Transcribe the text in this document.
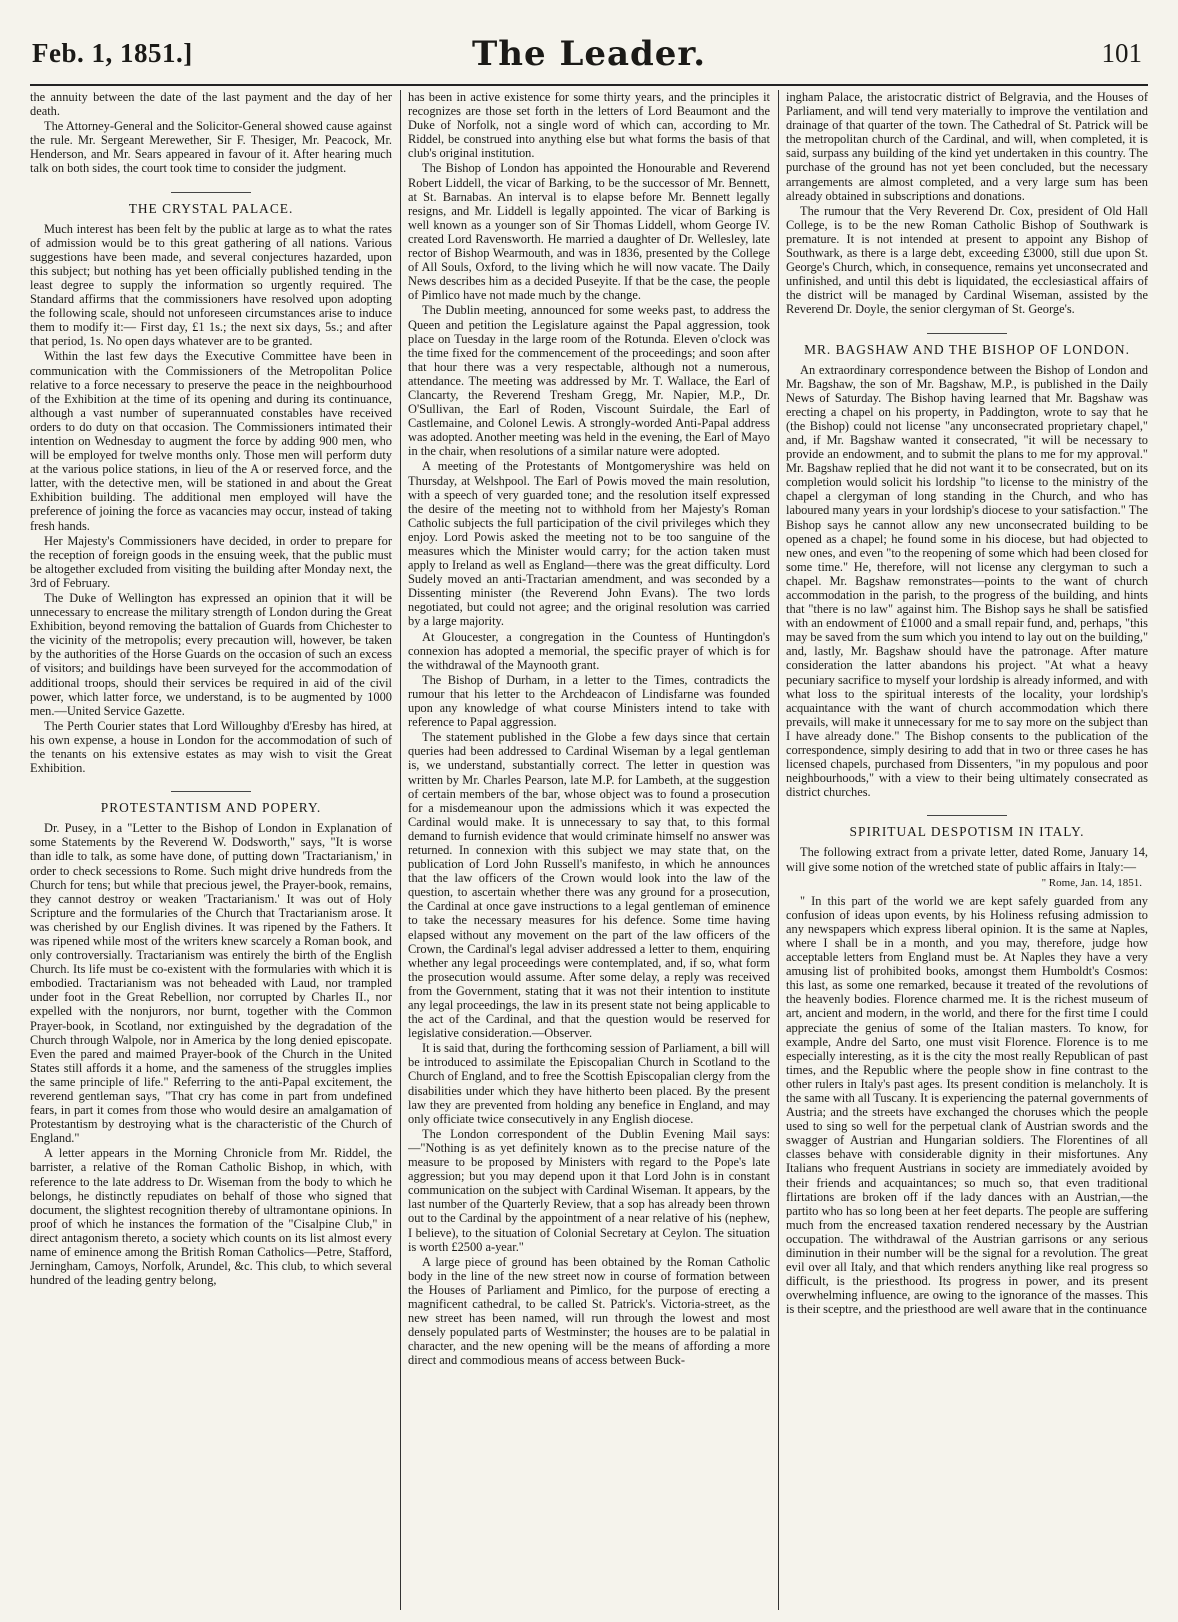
Feb. 1, 1851.]	The Leader.	101

the annuity between the date of the last payment and the day of her death.

The Attorney-General and the Solicitor-General showed cause against the rule. Mr. Sergeant Merewether, Sir F. Thesiger, Mr. Peacock, Mr. Henderson, and Mr. Sears appeared in favour of it. After hearing much talk on both sides, the court took time to consider the judgment.

THE CRYSTAL PALACE.

Much interest has been felt by the public at large as to what the rates of admission would be to this great gathering of all nations. Various suggestions have been made, and several conjectures hazarded, upon this subject; but nothing has yet been officially published tending in the least degree to supply the information so urgently required. The Standard affirms that the commissioners have resolved upon adopting the following scale, should not unforeseen circumstances arise to induce them to modify it:— First day, £1 1s.; the next six days, 5s.; and after that period, 1s. No open days whatever are to be granted.

Within the last few days the Executive Committee have been in communication with the Commissioners of the Metropolitan Police relative to a force necessary to preserve the peace in the neighbourhood of the Exhibition at the time of its opening and during its continuance, although a vast number of superannuated constables have received orders to do duty on that occasion. The Commissioners intimated their intention on Wednesday to augment the force by adding 900 men, who will be employed for twelve months only. Those men will perform duty at the various police stations, in lieu of the A or reserved force, and the latter, with the detective men, will be stationed in and about the Great Exhibition building. The additional men employed will have the preference of joining the force as vacancies may occur, instead of taking fresh hands.

Her Majesty's Commissioners have decided, in order to prepare for the reception of foreign goods in the ensuing week, that the public must be altogether excluded from visiting the building after Monday next, the 3rd of February.

The Duke of Wellington has expressed an opinion that it will be unnecessary to encrease the military strength of London during the Great Exhibition, beyond removing the battalion of Guards from Chichester to the vicinity of the metropolis; every precaution will, however, be taken by the authorities of the Horse Guards on the occasion of such an excess of visitors; and buildings have been surveyed for the accommodation of additional troops, should their services be required in aid of the civil power, which latter force, we understand, is to be augmented by 1000 men.—United Service Gazette.

The Perth Courier states that Lord Willoughby d'Eresby has hired, at his own expense, a house in London for the accommodation of such of the tenants on his extensive estates as may wish to visit the Great Exhibition.

PROTESTANTISM AND POPERY.

Dr. Pusey, in a "Letter to the Bishop of London in Explanation of some Statements by the Reverend W. Dodsworth," says, "It is worse than idle to talk, as some have done, of putting down 'Tractarianism,' in order to check secessions to Rome. Such might drive hundreds from the Church for tens; but while that precious jewel, the Prayer-book, remains, they cannot destroy or weaken 'Tractarianism.' It was out of Holy Scripture and the formularies of the Church that Tractarianism arose. It was cherished by our English divines. It was ripened by the Fathers. It was ripened while most of the writers knew scarcely a Roman book, and only controversially. Tractarianism was entirely the birth of the English Church. Its life must be co-existent with the formularies with which it is embodied. Tractarianism was not beheaded with Laud, nor trampled under foot in the Great Rebellion, nor corrupted by Charles II., nor expelled with the nonjurors, nor burnt, together with the Common Prayer-book, in Scotland, nor extinguished by the degradation of the Church through Walpole, nor in America by the long denied episcopate. Even the pared and maimed Prayer-book of the Church in the United States still affords it a home, and the sameness of the struggles implies the same principle of life." Referring to the anti-Papal excitement, the reverend gentleman says, "That cry has come in part from undefined fears, in part it comes from those who would desire an amalgamation of Protestantism by destroying what is the characteristic of the Church of England."

A letter appears in the Morning Chronicle from Mr. Riddel, the barrister, a relative of the Roman Catholic Bishop, in which, with reference to the late address to Dr. Wiseman from the body to which he belongs, he distinctly repudiates on behalf of those who signed that document, the slightest recognition thereby of ultramontane opinions. In proof of which he instances the formation of the "Cisalpine Club," in direct antagonism thereto, a society which counts on its list almost every name of eminence among the British Roman Catholics—Petre, Stafford, Jerningham, Camoys, Norfolk, Arundel, &c. This club, to which several hundred of the leading gentry belong,

has been in active existence for some thirty years, and the principles it recognizes are those set forth in the letters of Lord Beaumont and the Duke of Norfolk, not a single word of which can, according to Mr. Riddel, be construed into anything else but what forms the basis of that club's original institution.

The Bishop of London has appointed the Honourable and Reverend Robert Liddell, the vicar of Barking, to be the successor of Mr. Bennett, at St. Barnabas. An interval is to elapse before Mr. Bennett legally resigns, and Mr. Liddell is legally appointed. The vicar of Barking is well known as a younger son of Sir Thomas Liddell, whom George IV. created Lord Ravensworth. He married a daughter of Dr. Wellesley, late rector of Bishop Wearmouth, and was in 1836, presented by the College of All Souls, Oxford, to the living which he will now vacate. The Daily News describes him as a decided Puseyite. If that be the case, the people of Pimlico have not made much by the change.

The Dublin meeting, announced for some weeks past, to address the Queen and petition the Legislature against the Papal aggression, took place on Tuesday in the large room of the Rotunda. Eleven o'clock was the time fixed for the commencement of the proceedings; and soon after that hour there was a very respectable, although not a numerous, attendance. The meeting was addressed by Mr. T. Wallace, the Earl of Clancarty, the Reverend Tresham Gregg, Mr. Napier, M.P., Dr. O'Sullivan, the Earl of Roden, Viscount Suirdale, the Earl of Castlemaine, and Colonel Lewis. A strongly-worded Anti-Papal address was adopted. Another meeting was held in the evening, the Earl of Mayo in the chair, when resolutions of a similar nature were adopted.

A meeting of the Protestants of Montgomeryshire was held on Thursday, at Welshpool. The Earl of Powis moved the main resolution, with a speech of very guarded tone; and the resolution itself expressed the desire of the meeting not to withhold from her Majesty's Roman Catholic subjects the full participation of the civil privileges which they enjoy. Lord Powis asked the meeting not to be too sanguine of the measures which the Minister would carry; for the action taken must apply to Ireland as well as England—there was the great difficulty. Lord Sudely moved an anti-Tractarian amendment, and was seconded by a Dissenting minister (the Reverend John Evans). The two lords negotiated, but could not agree; and the original resolution was carried by a large majority.

At Gloucester, a congregation in the Countess of Huntingdon's connexion has adopted a memorial, the specific prayer of which is for the withdrawal of the Maynooth grant.

The Bishop of Durham, in a letter to the Times, contradicts the rumour that his letter to the Archdeacon of Lindisfarne was founded upon any knowledge of what course Ministers intend to take with reference to Papal aggression.

The statement published in the Globe a few days since that certain queries had been addressed to Cardinal Wiseman by a legal gentleman is, we understand, substantially correct. The letter in question was written by Mr. Charles Pearson, late M.P. for Lambeth, at the suggestion of certain members of the bar, whose object was to found a prosecution for a misdemeanour upon the admissions which it was expected the Cardinal would make. It is unnecessary to say that, to this formal demand to furnish evidence that would criminate himself no answer was returned. In connexion with this subject we may state that, on the publication of Lord John Russell's manifesto, in which he announces that the law officers of the Crown would look into the law of the question, to ascertain whether there was any ground for a prosecution, the Cardinal at once gave instructions to a legal gentleman of eminence to take the necessary measures for his defence. Some time having elapsed without any movement on the part of the law officers of the Crown, the Cardinal's legal adviser addressed a letter to them, enquiring whether any legal proceedings were contemplated, and, if so, what form the prosecution would assume. After some delay, a reply was received from the Government, stating that it was not their intention to institute any legal proceedings, the law in its present state not being applicable to the act of the Cardinal, and that the question would be reserved for legislative consideration.—Observer.

It is said that, during the forthcoming session of Parliament, a bill will be introduced to assimilate the Episcopalian Church in Scotland to the Church of England, and to free the Scottish Episcopalian clergy from the disabilities under which they have hitherto been placed. By the present law they are prevented from holding any benefice in England, and may only officiate twice consecutively in any English diocese.

The London correspondent of the Dublin Evening Mail says:—"Nothing is as yet definitely known as to the precise nature of the measure to be proposed by Ministers with regard to the Pope's late aggression; but you may depend upon it that Lord John is in constant communication on the subject with Cardinal Wiseman. It appears, by the last number of the Quarterly Review, that a sop has already been thrown out to the Cardinal by the appointment of a near relative of his (nephew, I believe), to the situation of Colonial Secretary at Ceylon. The situation is worth £2500 a-year."

A large piece of ground has been obtained by the Roman Catholic body in the line of the new street now in course of formation between the Houses of Parliament and Pimlico, for the purpose of erecting a magnificent cathedral, to be called St. Patrick's. Victoria-street, as the new street has been named, will run through the lowest and most densely populated parts of Westminster; the houses are to be palatial in character, and the new opening will be the means of affording a more direct and commodious means of access between Buck-

ingham Palace, the aristocratic district of Belgravia, and the Houses of Parliament, and will tend very materially to improve the ventilation and drainage of that quarter of the town. The Cathedral of St. Patrick will be the metropolitan church of the Cardinal, and will, when completed, it is said, surpass any building of the kind yet undertaken in this country. The purchase of the ground has not yet been concluded, but the necessary arrangements are almost completed, and a very large sum has been already obtained in subscriptions and donations.

The rumour that the Very Reverend Dr. Cox, president of Old Hall College, is to be the new Roman Catholic Bishop of Southwark is premature. It is not intended at present to appoint any Bishop of Southwark, as there is a large debt, exceeding £3000, still due upon St. George's Church, which, in consequence, remains yet unconsecrated and unfinished, and until this debt is liquidated, the ecclesiastical affairs of the district will be managed by Cardinal Wiseman, assisted by the Reverend Dr. Doyle, the senior clergyman of St. George's.

MR. BAGSHAW AND THE BISHOP OF LONDON.

An extraordinary correspondence between the Bishop of London and Mr. Bagshaw, the son of Mr. Bagshaw, M.P., is published in the Daily News of Saturday. The Bishop having learned that Mr. Bagshaw was erecting a chapel on his property, in Paddington, wrote to say that he (the Bishop) could not license "any unconsecrated proprietary chapel," and, if Mr. Bagshaw wanted it consecrated, "it will be necessary to provide an endowment, and to submit the plans to me for my approval." Mr. Bagshaw replied that he did not want it to be consecrated, but on its completion would solicit his lordship "to license to the ministry of the chapel a clergyman of long standing in the Church, and who has laboured many years in your lordship's diocese to your satisfaction." The Bishop says he cannot allow any new unconsecrated building to be opened as a chapel; he found some in his diocese, but had objected to new ones, and even "to the reopening of some which had been closed for some time." He, therefore, will not license any clergyman to such a chapel. Mr. Bagshaw remonstrates—points to the want of church accommodation in the parish, to the progress of the building, and hints that "there is no law" against him. The Bishop says he shall be satisfied with an endowment of £1000 and a small repair fund, and, perhaps, "this may be saved from the sum which you intend to lay out on the building," and, lastly, Mr. Bagshaw should have the patronage. After mature consideration the latter abandons his project. "At what a heavy pecuniary sacrifice to myself your lordship is already informed, and with what loss to the spiritual interests of the locality, your lordship's acquaintance with the want of church accommodation which there prevails, will make it unnecessary for me to say more on the subject than I have already done." The Bishop consents to the publication of the correspondence, simply desiring to add that in two or three cases he has licensed chapels, purchased from Dissenters, "in my populous and poor neighbourhoods," with a view to their being ultimately consecrated as district churches.

SPIRITUAL DESPOTISM IN ITALY.

The following extract from a private letter, dated Rome, January 14, will give some notion of the wretched state of public affairs in Italy:—

" Rome, Jan. 14, 1851.

" In this part of the world we are kept safely guarded from any confusion of ideas upon events, by his Holiness refusing admission to any newspapers which express liberal opinion. It is the same at Naples, where I shall be in a month, and you may, therefore, judge how acceptable letters from England must be. At Naples they have a very amusing list of prohibited books, amongst them Humboldt's Cosmos: this last, as some one remarked, because it treated of the revolutions of the heavenly bodies. Florence charmed me. It is the richest museum of art, ancient and modern, in the world, and there for the first time I could appreciate the genius of some of the Italian masters. To know, for example, Andre del Sarto, one must visit Florence. Florence is to me especially interesting, as it is the city the most really Republican of past times, and the Republic where the people show in fine contrast to the other rulers in Italy's past ages. Its present condition is melancholy. It is the same with all Tuscany. It is experiencing the paternal governments of Austria; and the streets have exchanged the choruses which the people used to sing so well for the perpetual clank of Austrian swords and the swagger of Austrian and Hungarian soldiers. The Florentines of all classes behave with considerable dignity in their misfortunes. Any Italians who frequent Austrians in society are immediately avoided by their friends and acquaintances; so much so, that even traditional flirtations are broken off if the lady dances with an Austrian,—the partito who has so long been at her feet departs. The people are suffering much from the encreased taxation rendered necessary by the Austrian occupation. The withdrawal of the Austrian garrisons or any serious diminution in their number will be the signal for a revolution. The great evil over all Italy, and that which renders anything like real progress so difficult, is the priesthood. Its progress in power, and its present overwhelming influence, are owing to the ignorance of the masses. This is their sceptre, and the priesthood are well aware that in the continuance
